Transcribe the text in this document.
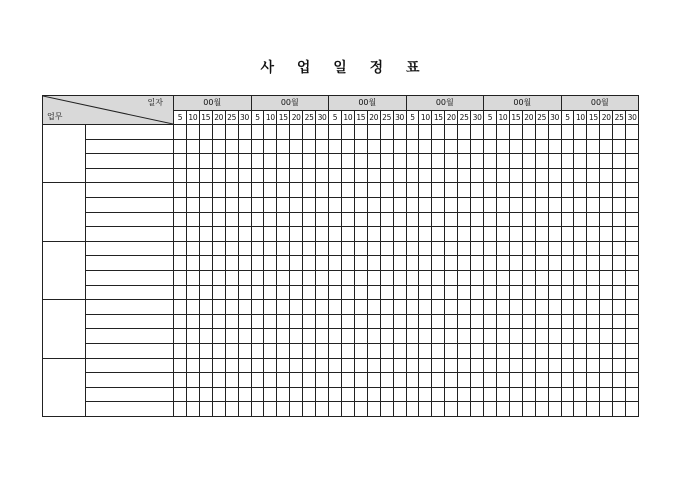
사 업 일 정 표
일자
업무		00월						00월						00월						00월						00월						00월					
		5	10	15	20	25	30	5	10	15	20	25	30	5	10	15	20	25	30	5	10	15	20	25	30	5	10	15	20	25	30	5	10	15	20	25	30
